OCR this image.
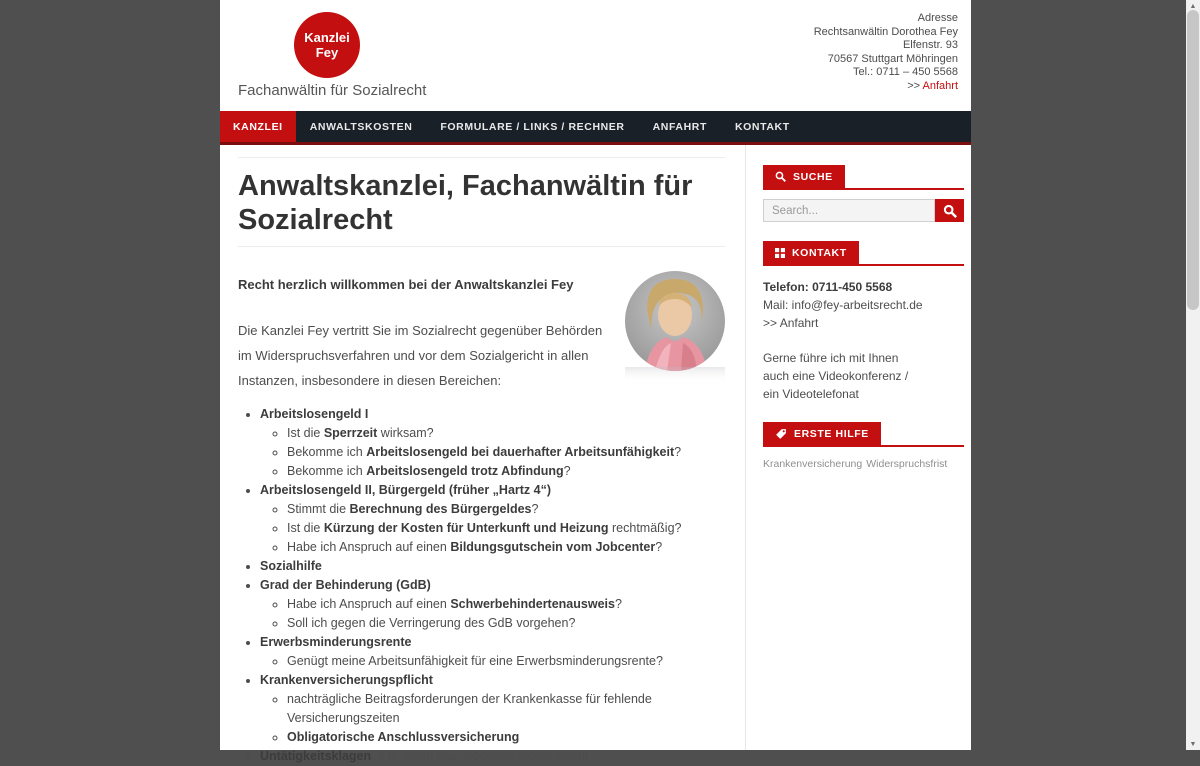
Kanzlei
Fey
Fachanwältin für Sozialrecht
Adresse
Rechtsanwältin Dorothea Fey
Elfenstr. 93
70567 Stuttgart Möhringen
Tel.: 0711 – 450 5568
>> Anfahrt
KANZLEI	ANWALTSKOSTEN	FORMULARE / LINKS / RECHNER	ANFAHRT	KONTAKT
Anwaltskanzlei, Fachanwältin für Sozialrecht

Recht herzlich willkommen bei der Anwaltskanzlei Fey

Die Kanzlei Fey vertritt Sie im Sozialrecht gegenüber Behörden im Widerspruchsverfahren und vor dem Sozialgericht in allen Instanzen, insbesondere in diesen Bereichen:

• Arbeitslosengeld I
◦ Ist die Sperrzeit wirksam?
◦ Bekomme ich Arbeitslosengeld bei dauerhafter Arbeitsunfähigkeit?
◦ Bekomme ich Arbeitslosengeld trotz Abfindung?
• Arbeitslosengeld II, Bürgergeld (früher „Hartz 4“)
◦ Stimmt die Berechnung des Bürgergeldes?
◦ Ist die Kürzung der Kosten für Unterkunft und Heizung rechtmäßig?
◦ Habe ich Anspruch auf einen Bildungsgutschein vom Jobcenter?
• Sozialhilfe
• Grad der Behinderung (GdB)
◦ Habe ich Anspruch auf einen Schwerbehindertenausweis?
◦ Soll ich gegen die Verringerung des GdB vorgehen?
• Erwerbsminderungsrente
◦ Genügt meine Arbeitsunfähigkeit für eine Erwerbsminderungsrente?
• Krankenversicherungspflicht
◦ nachträgliche Beitragsforderungen der Krankenkasse für fehlende Versicherungszeiten
◦ Obligatorische Anschlussversicherung
• Untätigkeitsklagen, z.B. wenn das Jobcenter nichts macht
SUCHE
Search...
KONTAKT
Telefon: 0711-450 5568
Mail: info@fey-arbeitsrecht.de
>> Anfahrt
Gerne führe ich mit Ihnen auch eine Videokonferenz / ein Videotelefonat
ERSTE HILFE
Krankenversicherung Widerspruchsfrist
▲
▼
